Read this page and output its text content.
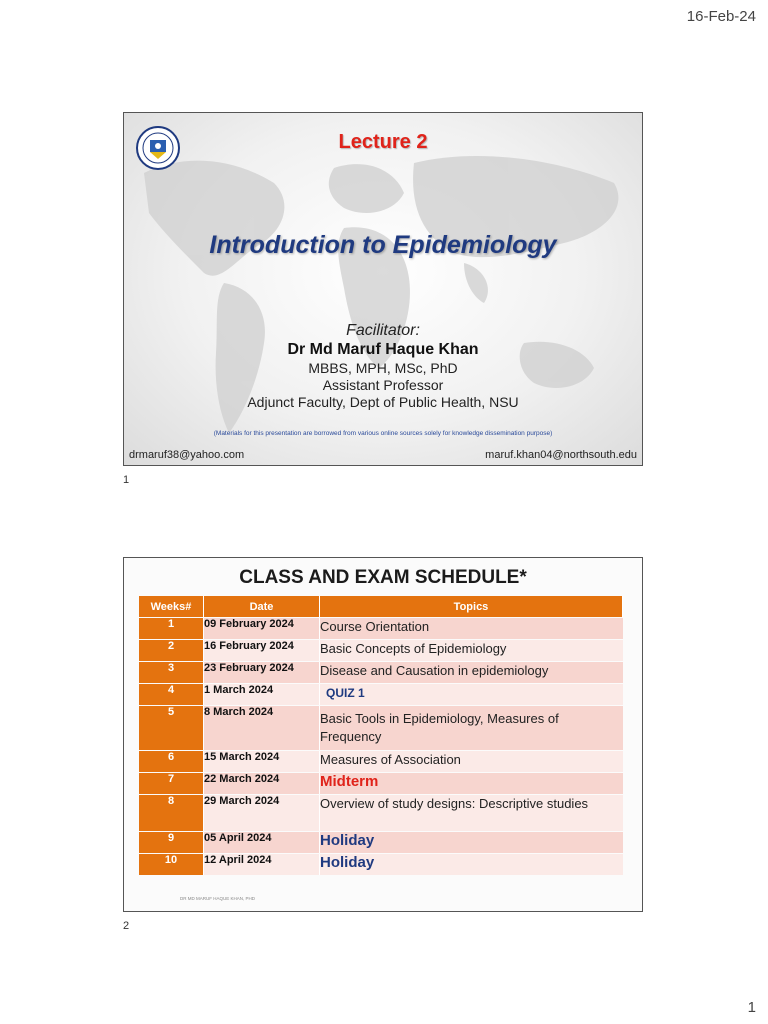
16-Feb-24
Lecture 2
Introduction to Epidemiology
Facilitator:
Dr Md Maruf Haque Khan
MBBS, MPH, MSc, PhD
Assistant Professor
Adjunct Faculty, Dept of Public Health, NSU
(Materials for this presentation are borrowed from various online sources solely for knowledge dissemination purpose)
drmaruf38@yahoo.com	maruf.khan04@northsouth.edu
1
CLASS AND EXAM SCHEDULE*
Weeks#	Date	Topics
1	09 February 2024	Course Orientation
2	16 February 2024	Basic Concepts of Epidemiology
3	23 February 2024	Disease and Causation in epidemiology
4	1 March 2024	QUIZ 1
5	8 March 2024	Basic Tools in Epidemiology, Measures of Frequency
6	15 March 2024	Measures of Association
7	22 March 2024	Midterm
8	29 March 2024	Overview of study designs: Descriptive studies
9	05 April 2024	Holiday
10	12 April 2024	Holiday
DR MD MARUF HAQUE KHAN, PHD
2
1
